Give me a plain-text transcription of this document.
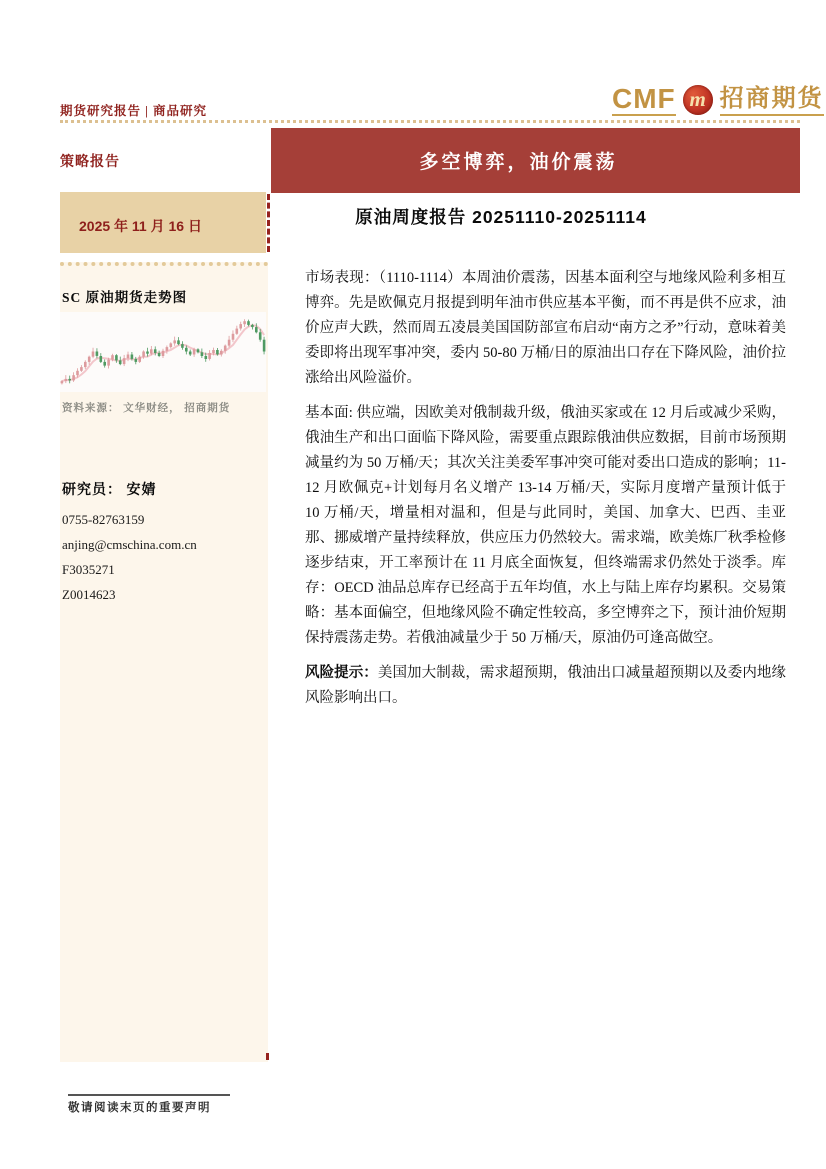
期货研究报告 | 商品研究	CMF m 招商期货
策略报告	多空博弈，油价震荡
2025 年 11 月 16 日	原油周度报告 20251110-20251114
SC 原油期货走势图
资料来源： 文华财经， 招商期货
研究员： 安婧
0755-82763159
anjing@cmschina.com.cn
F3035271
Z0014623

市场表现：（1110-1114）本周油价震荡，因基本面利空与地缘风险利多相互博弈。先是欧佩克月报提到明年油市供应基本平衡，而不再是供不应求，油价应声大跌，然而周五凌晨美国国防部宣布启动“南方之矛”行动，意味着美委即将出现军事冲突，委内 50-80 万桶/日的原油出口存在下降风险，油价拉涨给出风险溢价。

基本面: 供应端，因欧美对俄制裁升级，俄油买家或在 12 月后或减少采购，俄油生产和出口面临下降风险，需要重点跟踪俄油供应数据，目前市场预期减量约为 50 万桶/天；其次关注美委军事冲突可能对委出口造成的影响；11-12 月欧佩克+计划每月名义增产 13-14 万桶/天，实际月度增产量预计低于 10 万桶/天，增量相对温和，但是与此同时，美国、加拿大、巴西、圭亚那、挪威增产量持续释放，供应压力仍然较大。需求端，欧美炼厂秋季检修逐步结束，开工率预计在 11 月底全面恢复，但终端需求仍然处于淡季。库存：OECD 油品总库存已经高于五年均值，水上与陆上库存均累积。交易策略：基本面偏空，但地缘风险不确定性较高，多空博弈之下，预计油价短期保持震荡走势。若俄油减量少于 50 万桶/天，原油仍可逢高做空。

风险提示：美国加大制裁，需求超预期，俄油出口减量超预期以及委内地缘风险影响出口。

敬请阅读末页的重要声明
